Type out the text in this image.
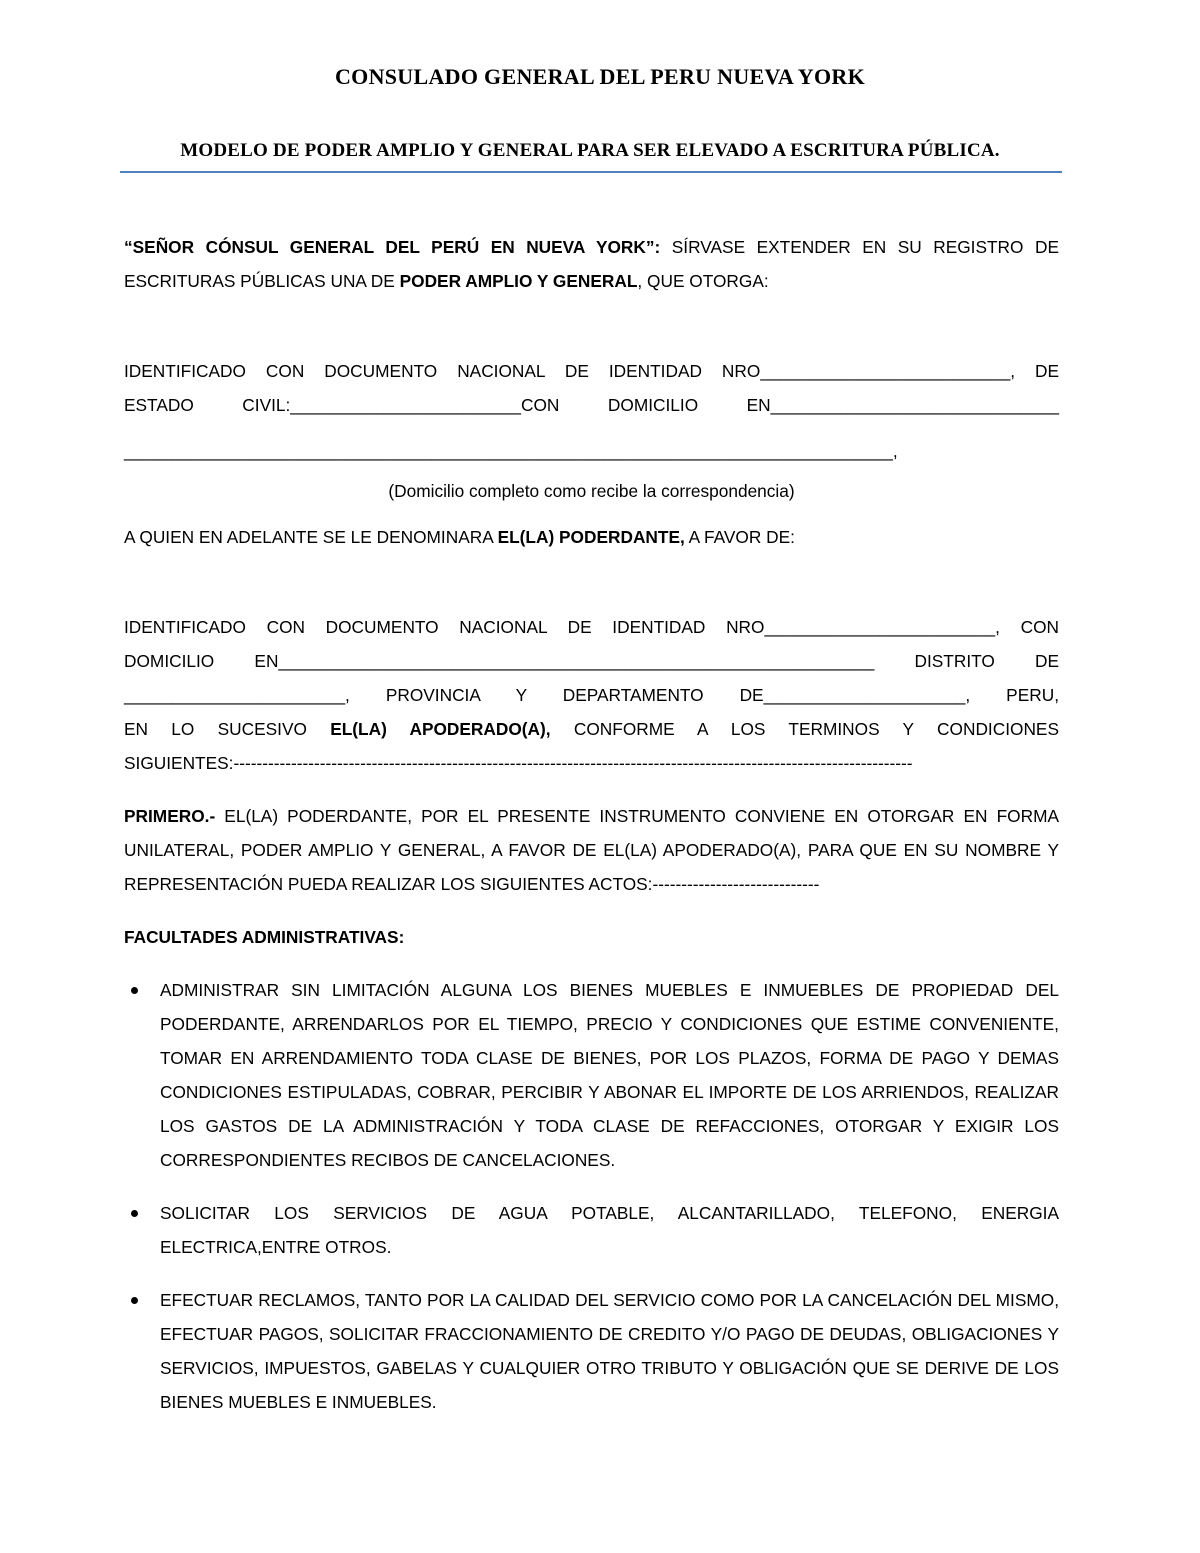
CONSULADO GENERAL DEL PERU NUEVA YORK
MODELO DE PODER AMPLIO Y GENERAL PARA SER ELEVADO A ESCRITURA PÚBLICA.

“SEÑOR CÓNSUL GENERAL DEL PERÚ EN NUEVA YORK”: SÍRVASE EXTENDER EN SU REGISTRO DE

ESCRITURAS PÚBLICAS UNA DE PODER AMPLIO Y GENERAL, QUE OTORGA:

IDENTIFICADO CON DOCUMENTO NACIONAL DE IDENTIDAD NRO__________________________, DE

ESTADO CIVIL:________________________CON DOMICILIO EN______________________________

________________________________________________________________________________,

(Domicilio completo como recibe la correspondencia)

A QUIEN EN ADELANTE SE LE DENOMINARA EL(LA) PODERDANTE, A FAVOR DE:

IDENTIFICADO CON DOCUMENTO NACIONAL DE IDENTIDAD NRO________________________, CON

DOMICILIO EN______________________________________________________________ DISTRITO DE

_______________________, PROVINCIA Y DEPARTAMENTO DE_____________________, PERU,

EN LO SUCESIVO EL(LA) APODERADO(A), CONFORME A LOS TERMINOS Y CONDICIONES

SIGUIENTES:----------------------------------------------------------------------------------------------------------------------

PRIMERO.- EL(LA) PODERDANTE, POR EL PRESENTE INSTRUMENTO CONVIENE EN OTORGAR EN FORMA UNILATERAL, PODER AMPLIO Y GENERAL, A FAVOR DE EL(LA) APODERADO(A), PARA QUE EN SU NOMBRE Y REPRESENTACIÓN PUEDA REALIZAR LOS SIGUIENTES ACTOS:-----------------------------

FACULTADES ADMINISTRATIVAS:

ADMINISTRAR SIN LIMITACIÓN ALGUNA LOS BIENES MUEBLES E INMUEBLES DE PROPIEDAD DEL PODERDANTE, ARRENDARLOS POR EL TIEMPO, PRECIO Y CONDICIONES QUE ESTIME CONVENIENTE, TOMAR EN ARRENDAMIENTO TODA CLASE DE BIENES, POR LOS PLAZOS, FORMA DE PAGO Y DEMAS CONDICIONES ESTIPULADAS, COBRAR, PERCIBIR Y ABONAR EL IMPORTE DE LOS ARRIENDOS, REALIZAR LOS GASTOS DE LA ADMINISTRACIÓN Y TODA CLASE DE REFACCIONES, OTORGAR Y EXIGIR LOS CORRESPONDIENTES RECIBOS DE CANCELACIONES.

SOLICITAR LOS SERVICIOS DE AGUA POTABLE, ALCANTARILLADO, TELEFONO, ENERGIA ELECTRICA,ENTRE OTROS.

EFECTUAR RECLAMOS, TANTO POR LA CALIDAD DEL SERVICIO COMO POR LA CANCELACIÓN DEL MISMO, EFECTUAR PAGOS, SOLICITAR FRACCIONAMIENTO DE CREDITO Y/O PAGO DE DEUDAS, OBLIGACIONES Y SERVICIOS, IMPUESTOS, GABELAS Y CUALQUIER OTRO TRIBUTO Y OBLIGACIÓN QUE SE DERIVE DE LOS BIENES MUEBLES E INMUEBLES.
